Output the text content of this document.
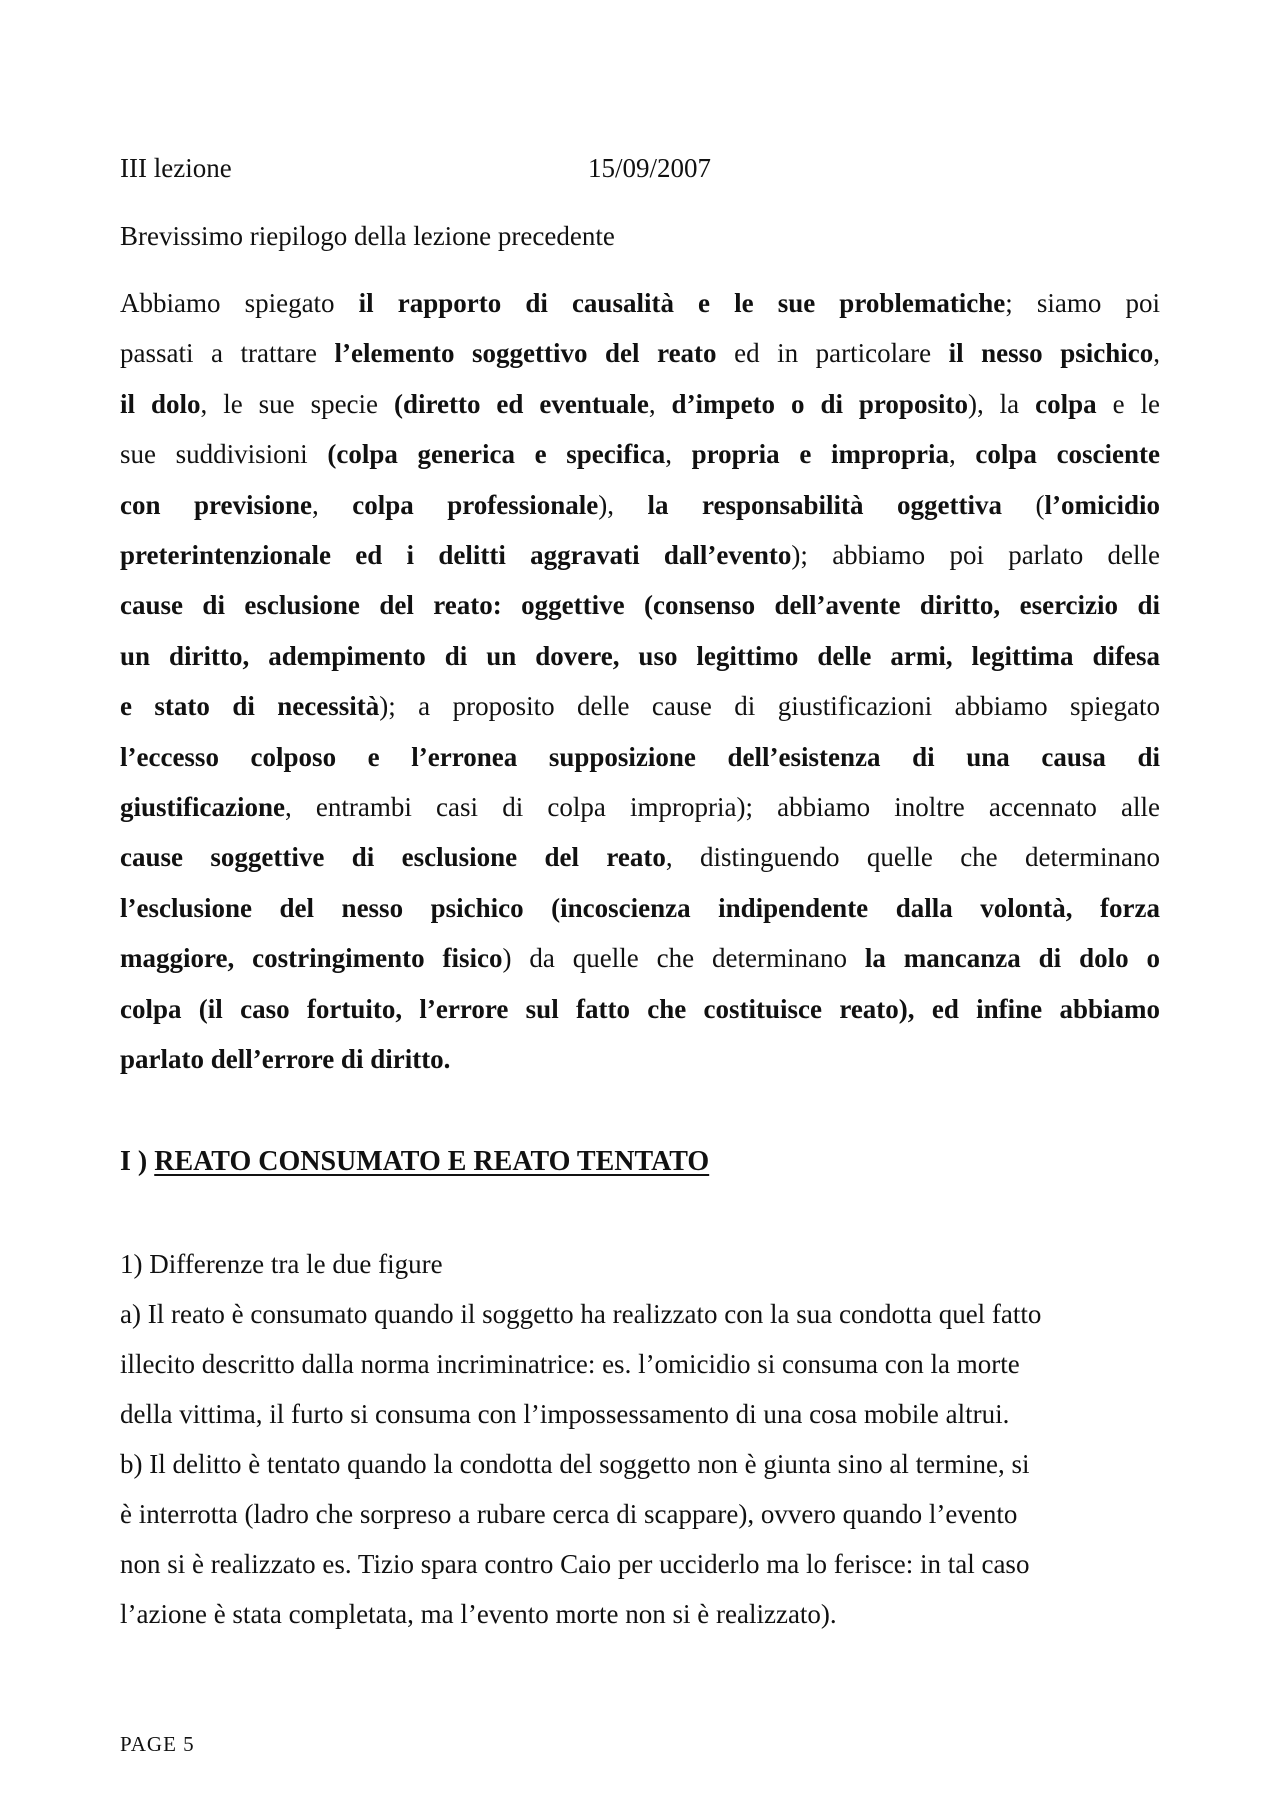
III lezione	15/09/2007
Brevissimo riepilogo della lezione precedente
Abbiamo spiegato il rapporto di causalità e le sue problematiche; siamo poi
passati a trattare l’elemento soggettivo del reato ed in particolare il nesso psichico,
il dolo, le sue specie (diretto ed eventuale, d’impeto o di proposito), la colpa e le
sue suddivisioni (colpa generica e specifica, propria e impropria, colpa cosciente
con previsione, colpa professionale), la responsabilità oggettiva (l’omicidio
preterintenzionale ed i delitti aggravati dall’evento); abbiamo poi parlato delle
cause di esclusione del reato: oggettive (consenso dell’avente diritto, esercizio di
un diritto, adempimento di un dovere, uso legittimo delle armi, legittima difesa
e stato di necessità); a proposito delle cause di giustificazioni abbiamo spiegato
l’eccesso colposo e l’erronea supposizione dell’esistenza di una causa di
giustificazione, entrambi casi di colpa impropria); abbiamo inoltre accennato alle
cause soggettive di esclusione del reato, distinguendo quelle che determinano
l’esclusione del nesso psichico (incoscienza indipendente dalla volontà, forza
maggiore, costringimento fisico) da quelle che determinano la mancanza di dolo o
colpa (il caso fortuito, l’errore sul fatto che costituisce reato), ed infine abbiamo
parlato dell’errore di diritto.
I ) REATO CONSUMATO E REATO TENTATO
1) Differenze tra le due figure
a) Il reato è consumato quando il soggetto ha realizzato con la sua condotta quel fatto
illecito descritto dalla norma incriminatrice: es. l’omicidio si consuma con la morte
della vittima, il furto si consuma con l’impossessamento di una cosa mobile altrui.
b) Il delitto è tentato quando la condotta del soggetto non è giunta sino al termine, si
è interrotta (ladro che sorpreso a rubare cerca di scappare), ovvero quando l’evento
non si è realizzato es. Tizio spara contro Caio per ucciderlo ma lo ferisce: in tal caso
l’azione è stata completata, ma l’evento morte non si è realizzato).
PAGE 5
